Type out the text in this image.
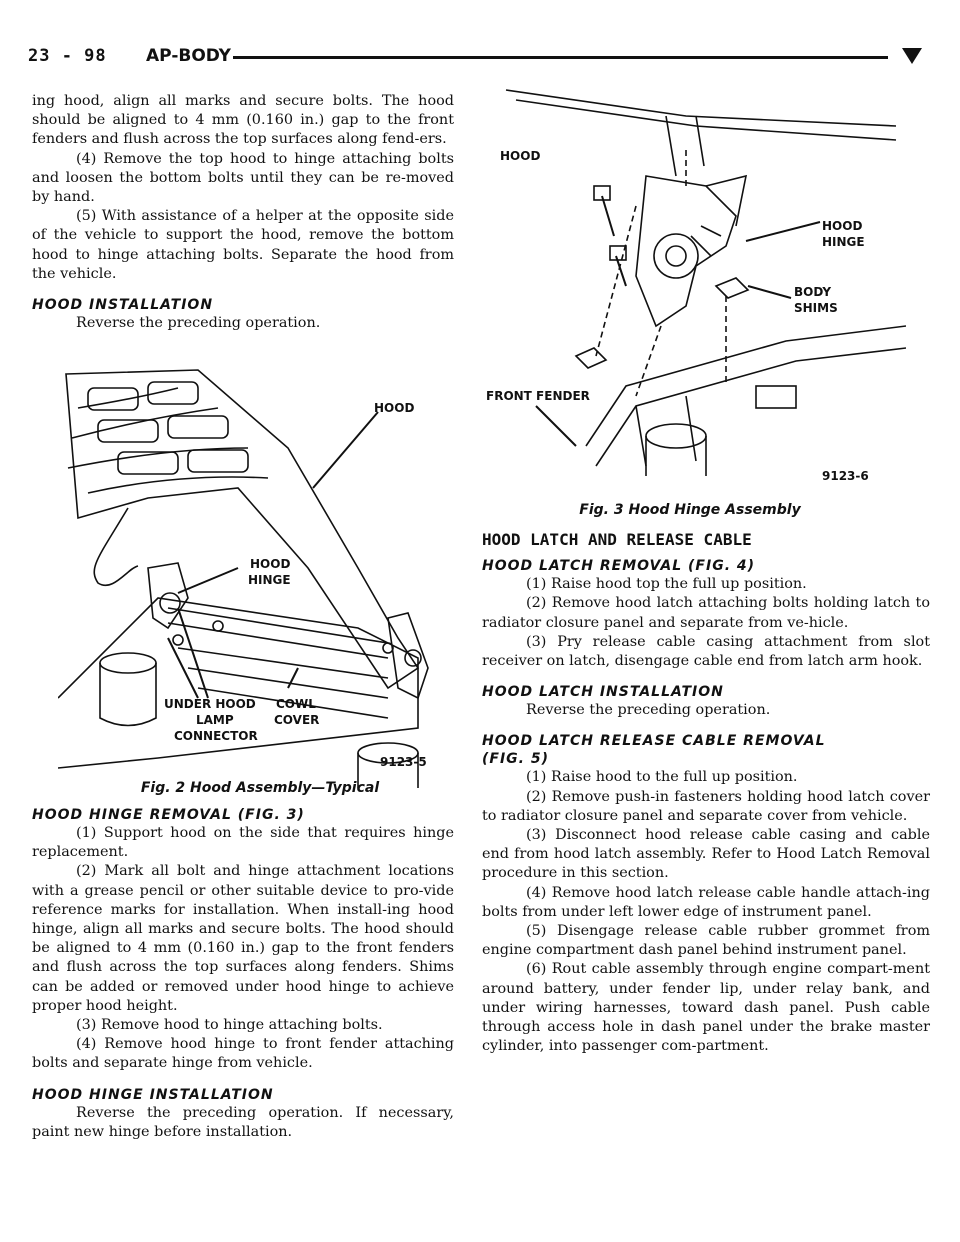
23 - 98 AP-BODY

ing hood, align all marks and secure bolts. The hood should be aligned to 4 mm (0.160 in.) gap to the front fenders and flush across the top surfaces along fend-ers.

(4) Remove the top hood to hinge attaching bolts and loosen the bottom bolts until they can be re-moved by hand.

(5) With assistance of a helper at the opposite side of the vehicle to support the hood, remove the bottom hood to hinge attaching bolts. Separate the hood from the vehicle.

HOOD INSTALLATION

Reverse the preceding operation.

HOOD
HOOD
HINGE
UNDER HOOD
LAMP
CONNECTOR
COWL
COVER
9123-5
Fig. 2 Hood Assembly—Typical

HOOD HINGE REMOVAL (FIG. 3)

(1) Support hood on the side that requires hinge replacement.

(2) Mark all bolt and hinge attachment locations with a grease pencil or other suitable device to pro-vide reference marks for installation. When install-ing hood hinge, align all marks and secure bolts. The hood should be aligned to 4 mm (0.160 in.) gap to the front fenders and flush across the top surfaces along fenders. Shims can be added or removed under hood hinge to achieve proper hood height.

(3) Remove hood to hinge attaching bolts.

(4) Remove hood hinge to front fender attaching bolts and separate hinge from vehicle.

HOOD HINGE INSTALLATION

Reverse the preceding operation. If necessary, paint new hinge before installation.

HOOD
HOOD
HINGE
BODY
SHIMS
FRONT FENDER
9123-6
Fig. 3 Hood Hinge Assembly

HOOD LATCH AND RELEASE CABLE

HOOD LATCH REMOVAL (FIG. 4)

(1) Raise hood top the full up position.

(2) Remove hood latch attaching bolts holding latch to radiator closure panel and separate from ve-hicle.

(3) Pry release cable casing attachment from slot receiver on latch, disengage cable end from latch arm hook.

HOOD LATCH INSTALLATION

Reverse the preceding operation.

HOOD LATCH RELEASE CABLE REMOVAL

(FIG. 5)

(1) Raise hood to the full up position.

(2) Remove push-in fasteners holding hood latch cover to radiator closure panel and separate cover from vehicle.

(3) Disconnect hood release cable casing and cable end from hood latch assembly. Refer to Hood Latch Removal procedure in this section.

(4) Remove hood latch release cable handle attach-ing bolts from under left lower edge of instrument panel.

(5) Disengage release cable rubber grommet from engine compartment dash panel behind instrument panel.

(6) Rout cable assembly through engine compart-ment around battery, under fender lip, under relay bank, and under wiring harnesses, toward dash panel. Push cable through access hole in dash panel under the brake master cylinder, into passenger com-partment.
